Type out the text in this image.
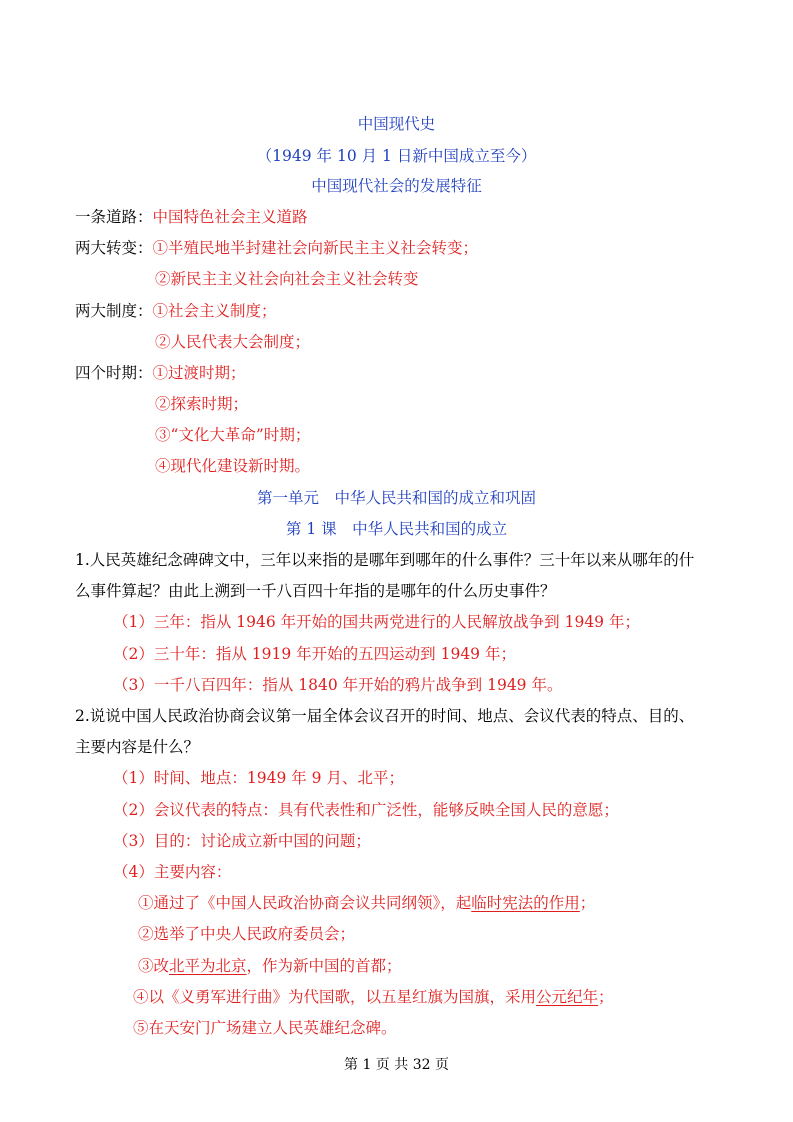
中国现代史
（1949 年 10 月 1 日新中国成立至今）
中国现代社会的发展特征
一条道路：中国特色社会主义道路
两大转变：①半殖民地半封建社会向新民主主义社会转变；
②新民主主义社会向社会主义社会转变
两大制度：①社会主义制度；
②人民代表大会制度；
四个时期：①过渡时期；
②探索时期；
③“文化大革命”时期；
④现代化建设新时期。
第一单元　中华人民共和国的成立和巩固
第 1 课　中华人民共和国的成立
1.人民英雄纪念碑碑文中，三年以来指的是哪年到哪年的什么事件？三十年以来从哪年的什
么事件算起？由此上溯到一千八百四十年指的是哪年的什么历史事件？
（1）三年：指从 1946 年开始的国共两党进行的人民解放战争到 1949 年；
（2）三十年：指从 1919 年开始的五四运动到 1949 年；
（3）一千八百四年：指从 1840 年开始的鸦片战争到 1949 年。
2.说说中国人民政治协商会议第一届全体会议召开的时间、地点、会议代表的特点、目的、
主要内容是什么？
（1）时间、地点：1949 年 9 月、北平；
（2）会议代表的特点：具有代表性和广泛性，能够反映全国人民的意愿；
（3）目的：讨论成立新中国的问题；
（4）主要内容：
①通过了《中国人民政治协商会议共同纲领》，起临时宪法的作用；
②选举了中央人民政府委员会；
③改北平为北京，作为新中国的首都；
④以《义勇军进行曲》为代国歌，以五星红旗为国旗，采用公元纪年；
⑤在天安门广场建立人民英雄纪念碑。
第 1 页 共 32 页
